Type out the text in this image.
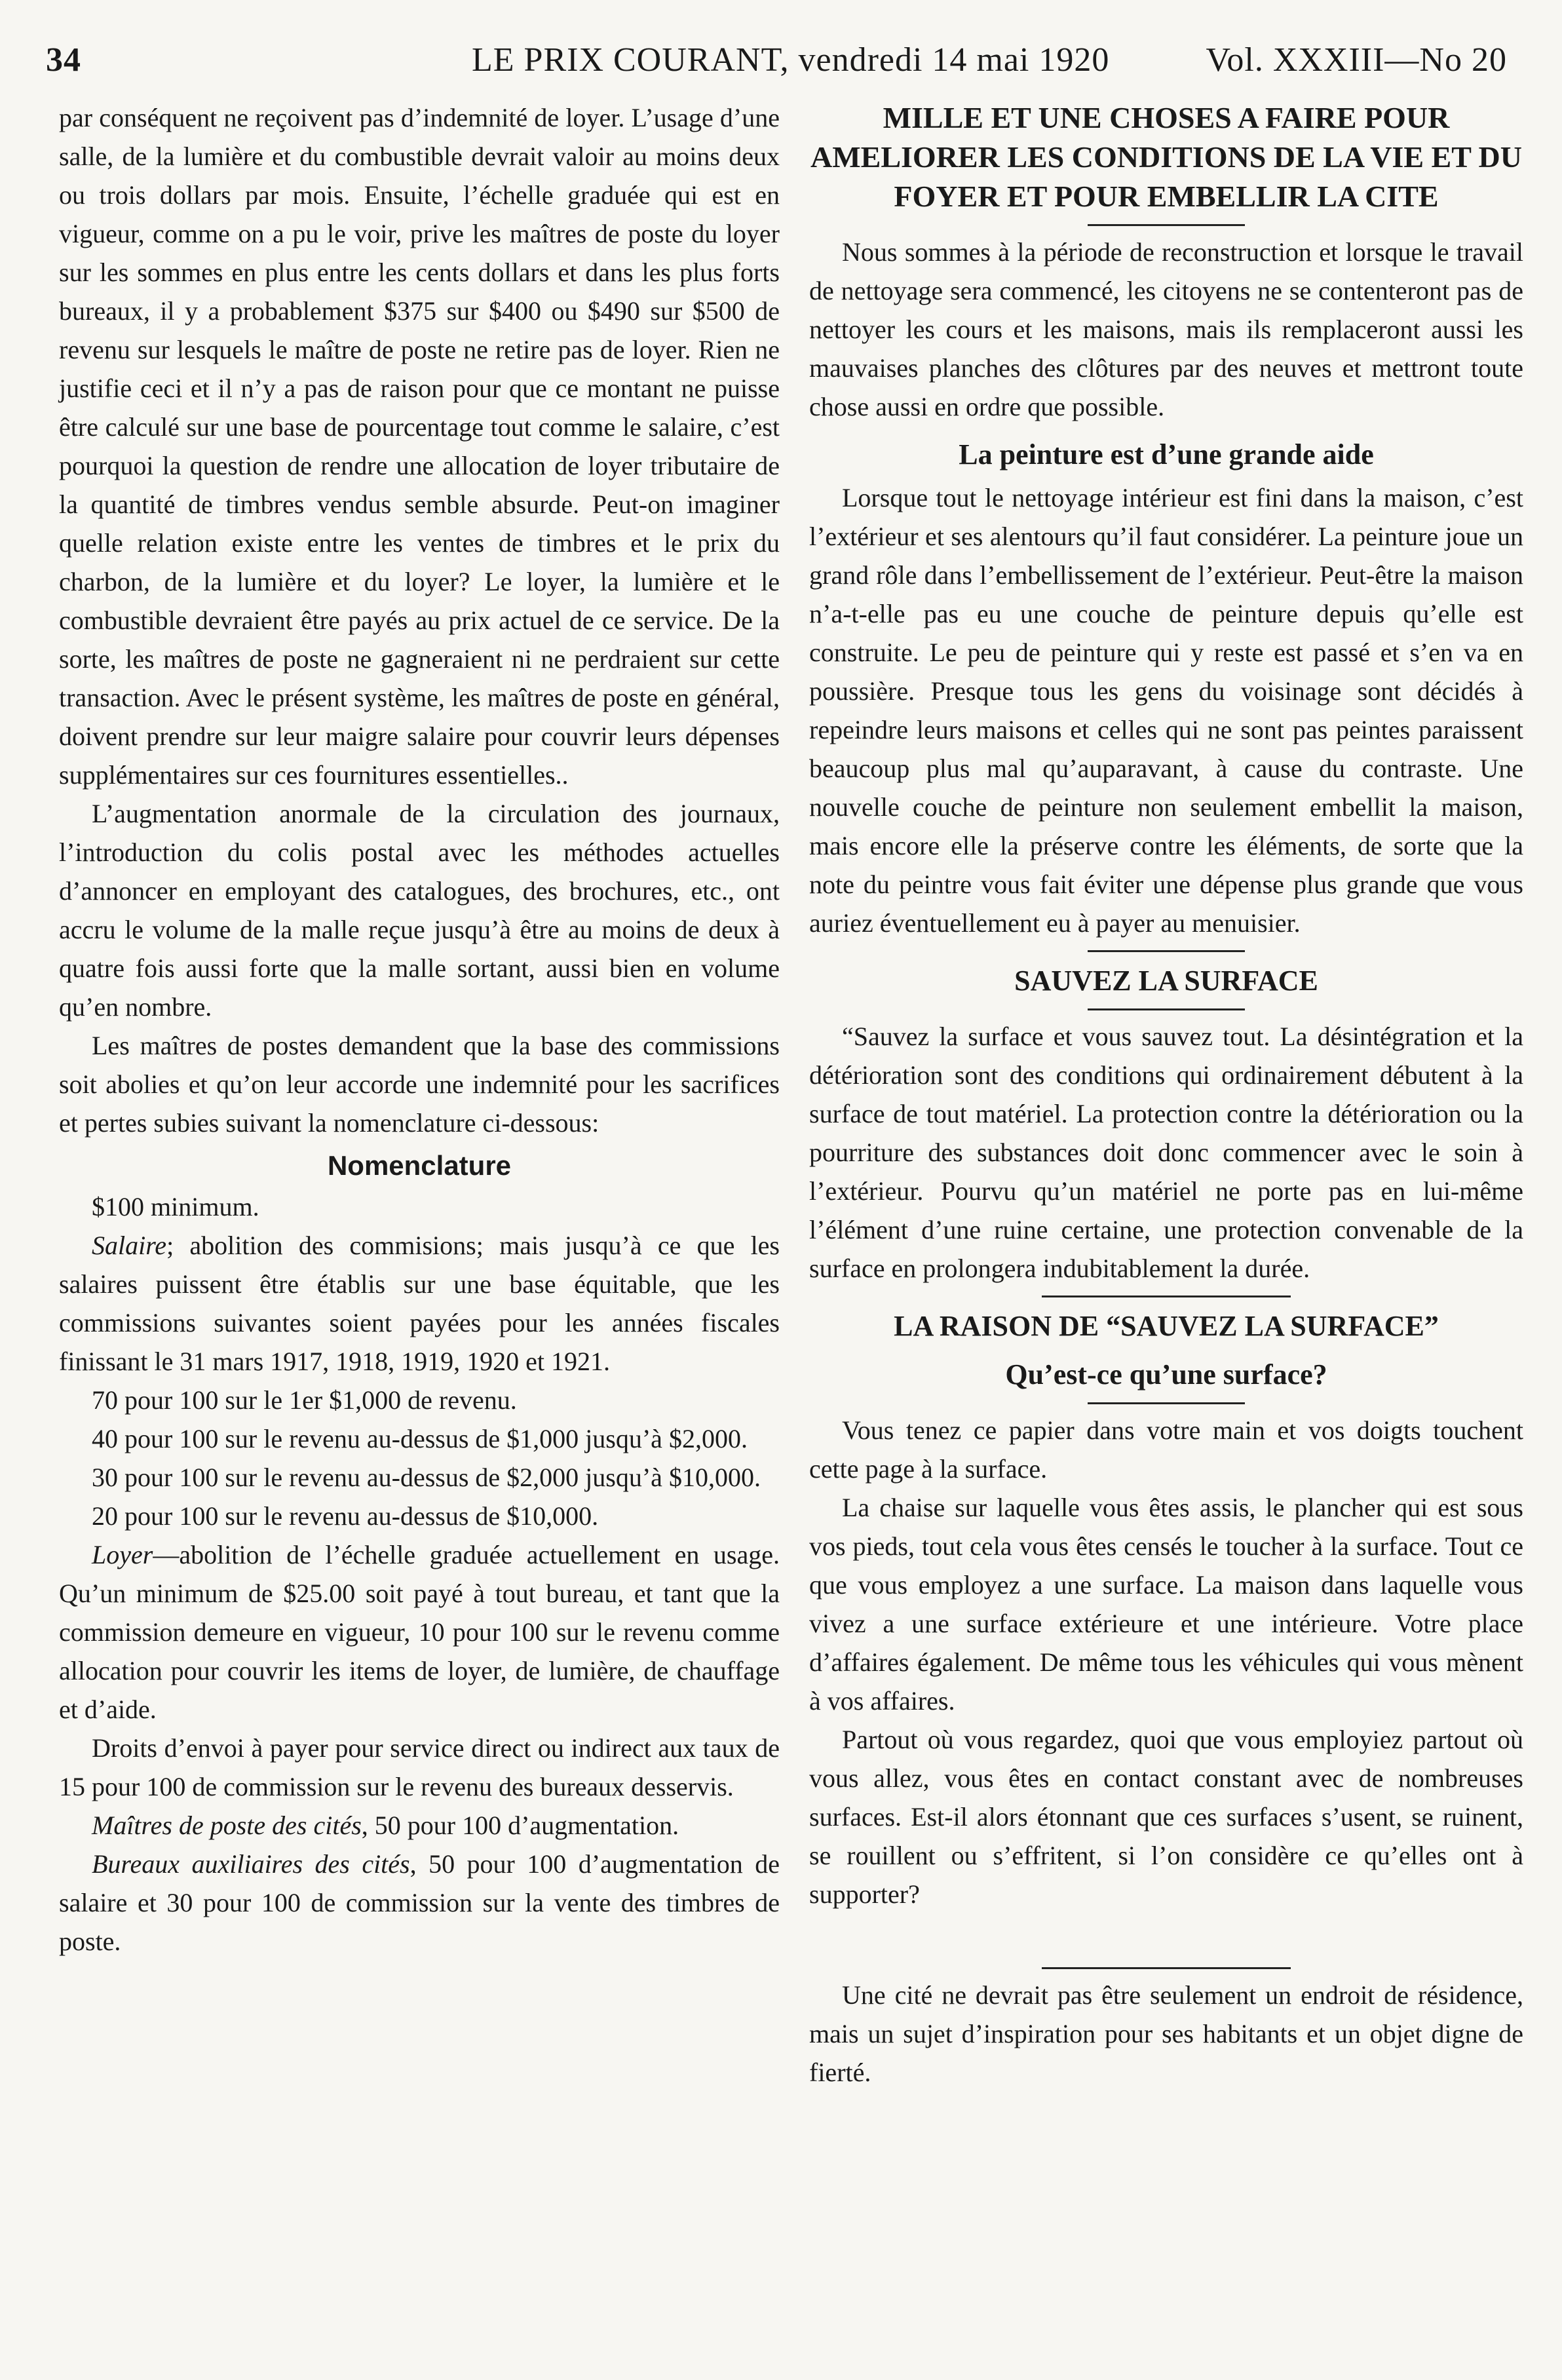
34	LE PRIX COURANT, vendredi 14 mai 1920	Vol. XXXIII—No 20

par conséquent ne reçoivent pas d’indemnité de loyer. L’usage d’une salle, de la lumière et du combustible devrait valoir au moins deux ou trois dollars par mois. Ensuite, l’échelle graduée qui est en vigueur, comme on a pu le voir, prive les maîtres de poste du loyer sur les sommes en plus entre les cents dollars et dans les plus forts bureaux, il y a probablement $375 sur $400 ou $490 sur $500 de revenu sur lesquels le maître de poste ne retire pas de loyer. Rien ne justifie ceci et il n’y a pas de raison pour que ce montant ne puisse être calculé sur une base de pourcentage tout comme le salaire, c’est pourquoi la question de rendre une allocation de loyer tributaire de la quantité de timbres vendus semble absurde. Peut-on imaginer quelle relation existe entre les ventes de timbres et le prix du charbon, de la lumière et du loyer? Le loyer, la lumière et le combustible devraient être payés au prix actuel de ce service. De la sorte, les maîtres de poste ne gagneraient ni ne perdraient sur cette transaction. Avec le présent système, les maîtres de poste en général, doivent prendre sur leur maigre salaire pour couvrir leurs dépenses supplémentaires sur ces fournitures essentielles..

L’augmentation anormale de la circulation des journaux, l’introduction du colis postal avec les méthodes actuelles d’annoncer en employant des catalogues, des brochures, etc., ont accru le volume de la malle reçue jusqu’à être au moins de deux à quatre fois aussi forte que la malle sortant, aussi bien en volume qu’en nombre.

Les maîtres de postes demandent que la base des commissions soit abolies et qu’on leur accorde une indemnité pour les sacrifices et pertes subies suivant la nomenclature ci-dessous:

Nomenclature

$100 minimum.

Salaire; abolition des commisions; mais jusqu’à ce que les salaires puissent être établis sur une base équitable, que les commissions suivantes soient payées pour les années fiscales finissant le 31 mars 1917, 1918, 1919, 1920 et 1921.

70 pour 100 sur le 1er $1,000 de revenu.

40 pour 100 sur le revenu au-dessus de $1,000 jusqu’à $2,000.

30 pour 100 sur le revenu au-dessus de $2,000 jusqu’à $10,000.

20 pour 100 sur le revenu au-dessus de $10,000.

Loyer—abolition de l’échelle graduée actuellement en usage. Qu’un minimum de $25.00 soit payé à tout bureau, et tant que la commission demeure en vigueur, 10 pour 100 sur le revenu comme allocation pour couvrir les items de loyer, de lumière, de chauffage et d’aide.

Droits d’envoi à payer pour service direct ou indirect aux taux de 15 pour 100 de commission sur le revenu des bureaux desservis.

Maîtres de poste des cités, 50 pour 100 d’augmentation.

Bureaux auxiliaires des cités, 50 pour 100 d’augmentation de salaire et 30 pour 100 de commission sur la vente des timbres de poste.

MILLE ET UNE CHOSES A FAIRE POUR AMELIORER LES CONDITIONS DE LA VIE ET DU FOYER ET POUR EMBELLIR LA CITE

Nous sommes à la période de reconstruction et lorsque le travail de nettoyage sera commencé, les citoyens ne se contenteront pas de nettoyer les cours et les maisons, mais ils remplaceront aussi les mauvaises planches des clôtures par des neuves et mettront toute chose aussi en ordre que possible.

La peinture est d’une grande aide

Lorsque tout le nettoyage intérieur est fini dans la maison, c’est l’extérieur et ses alentours qu’il faut considérer. La peinture joue un grand rôle dans l’embellissement de l’extérieur. Peut-être la maison n’a-t-elle pas eu une couche de peinture depuis qu’elle est construite. Le peu de peinture qui y reste est passé et s’en va en poussière. Presque tous les gens du voisinage sont décidés à repeindre leurs maisons et celles qui ne sont pas peintes paraissent beaucoup plus mal qu’auparavant, à cause du contraste. Une nouvelle couche de peinture non seulement embellit la maison, mais encore elle la préserve contre les éléments, de sorte que la note du peintre vous fait éviter une dépense plus grande que vous auriez éventuellement eu à payer au menuisier.

SAUVEZ LA SURFACE

“Sauvez la surface et vous sauvez tout. La désintégration et la détérioration sont des conditions qui ordinairement débutent à la surface de tout matériel. La protection contre la détérioration ou la pourriture des substances doit donc commencer avec le soin à l’extérieur. Pourvu qu’un matériel ne porte pas en lui-même l’élément d’une ruine certaine, une protection convenable de la surface en prolongera indubitablement la durée.

LA RAISON DE “SAUVEZ LA SURFACE”
Qu’est-ce qu’une surface?

Vous tenez ce papier dans votre main et vos doigts touchent cette page à la surface.

La chaise sur laquelle vous êtes assis, le plancher qui est sous vos pieds, tout cela vous êtes censés le toucher à la surface. Tout ce que vous employez a une surface. La maison dans laquelle vous vivez a une surface extérieure et une intérieure. Votre place d’affaires également. De même tous les véhicules qui vous mènent à vos affaires.

Partout où vous regardez, quoi que vous employiez partout où vous allez, vous êtes en contact constant avec de nombreuses surfaces. Est-il alors étonnant que ces surfaces s’usent, se ruinent, se rouillent ou s’effritent, si l’on considère ce qu’elles ont à supporter?

Une cité ne devrait pas être seulement un endroit de résidence, mais un sujet d’inspiration pour ses habitants et un objet digne de fierté.
